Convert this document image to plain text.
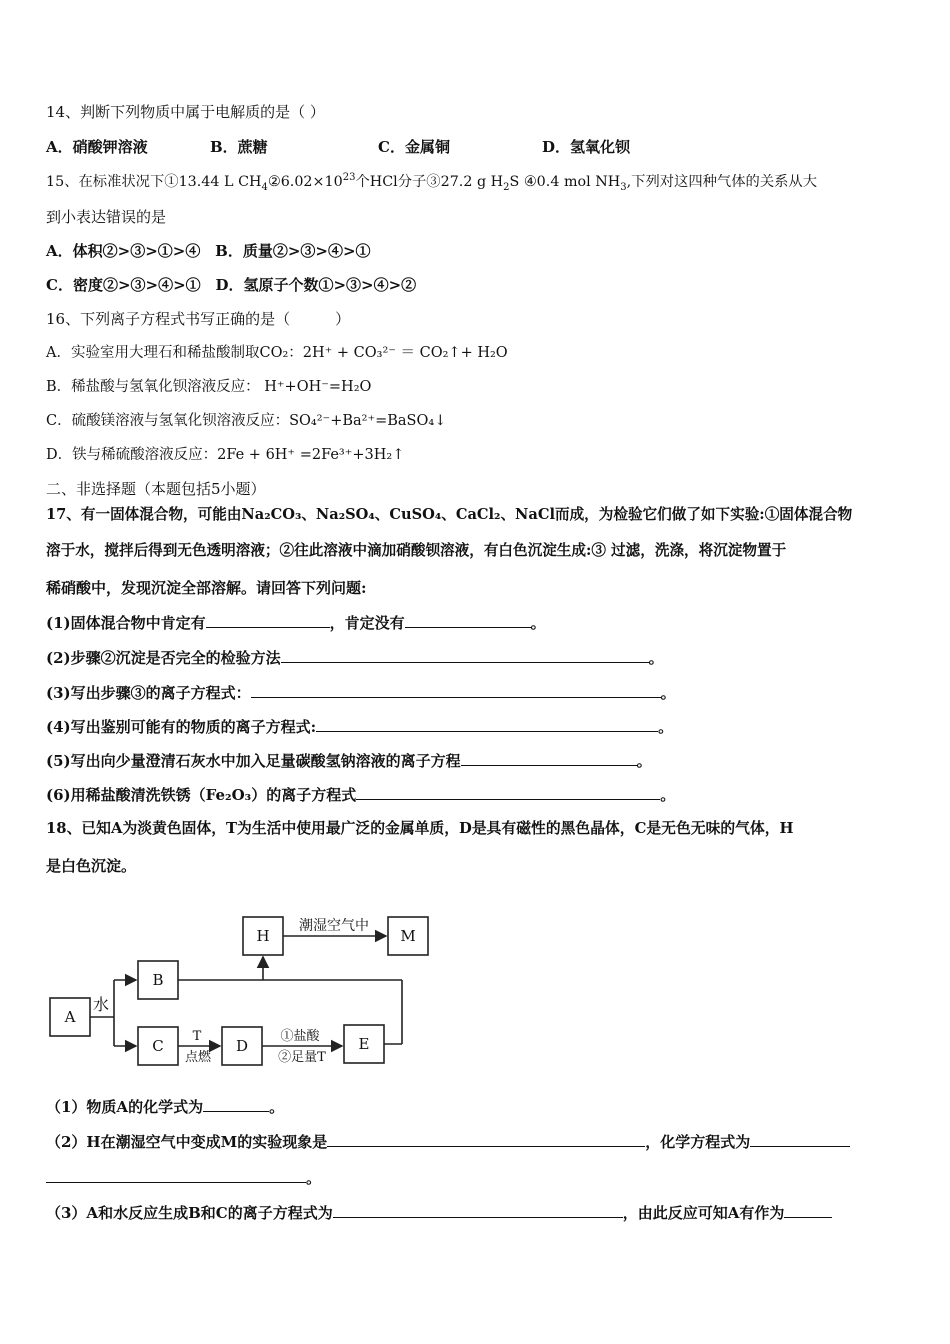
14、判断下列物质中属于电解质的是（ ）
A．硝酸钾溶液	B．蔗糖	C．金属铜	D．氢氧化钡
15、在标准状况下①13.44 L $CH_4②6.02\times 10^{23}$个HCl分子③27.2 g $H_2S$ ④0.4 mol $NH_3$,下列对这四种气体的关系从大
到小表达错误的是
A．体积②>③>①>④ B．质量②>③>④>①
C．密度②>③>④>① D．氢原子个数①>③>④>②
16、下列离子方程式书写正确的是（　　　）
A．实验室用大理石和稀盐酸制取CO₂：2H⁺ + CO₃²⁻ ＝ CO₂↑+ H₂O
B．稀盐酸与氢氧化钡溶液反应： H⁺+OH⁻=H₂O
C．硫酸镁溶液与氢氧化钡溶液反应：SO₄²⁻+Ba²⁺=BaSO₄↓
D．铁与稀硫酸溶液反应：2Fe + 6H⁺ =2Fe³⁺+3H₂↑
二、非选择题（本题包括5小题）
17、有一固体混合物，可能由Na₂CO₃、Na₂SO₄、CuSO₄、CaCl₂、NaCl而成，为检验它们做了如下实验:①固体混合物
溶于水，搅拌后得到无色透明溶液；②往此溶液中滴加硝酸钡溶液，有白色沉淀生成:③ 过滤，洗涤，将沉淀物置于
稀硝酸中，发现沉淀全部溶解。请回答下列问题:
(1)固体混合物中肯定有	，肯定没有	。
(2)步骤②沉淀是否完全的检验方法	。
(3)写出步骤③的离子方程式：	。
(4)写出鉴别可能有的物质的离子方程式:	。
(5)写出向少量澄清石灰水中加入足量碳酸氢钠溶液的离子方程	。
(6)用稀盐酸清洗铁锈（Fe₂O₃）的离子方程式	。
18、已知A为淡黄色固体，T为生活中使用最广泛的金属单质，D是具有磁性的黑色晶体，C是无色无味的气体，H
是白色沉淀。
A
B
C	D	E
H	M
水
潮湿空气中
T
点燃
①盐酸
②足量T
（1）物质A的化学式为	。
（2）H在潮湿空气中变成M的实验现象是	，化学方程式为
。
（3）A和水反应生成B和C的离子方程式为	，由此反应可知A有作为
